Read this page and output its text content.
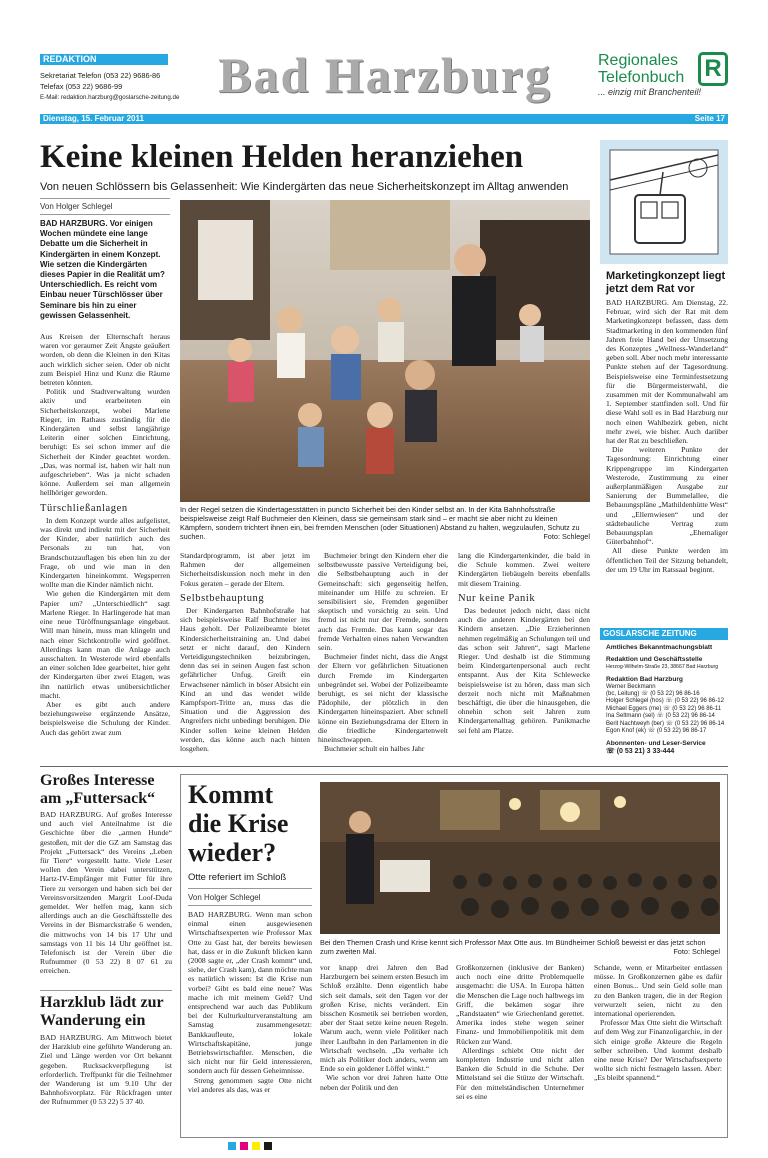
REDAKTION
Sekretariat Telefon (053 22) 9686-86
Telefax (053 22) 9686-99
E-Mail: redaktion.harzburg@goslarsche-zeitung.de Bad Harzburg	Regionales
Telefonbuch
... einzig mit Branchenteil!
R
Dienstag, 15. Februar 2011	Seite 17
Keine kleinen Helden heranziehen
Von neuen Schlössern bis Gelassenheit: Wie Kindergärten das neue Sicherheitskonzept im Alltag anwenden
Von Holger Schlegel
BAD HARZBURG. Vor einigen Wochen mündete eine lange Debatte um die Sicherheit in Kindergärten in einem Konzept. Wie setzen die Kindergärten dieses Papier in die Realität um? Unterschiedlich. Es reicht vom Einbau neuer Türschlösser über Seminare bis hin zu einer gewissen Gelassenheit.

Aus Kreisen der Elternschaft heraus waren vor geraumer Zeit Ängste geäußert worden, ob denn die Kleinen in den Kitas auch wirklich sicher seien. Oder ob nicht zum Beispiel Hinz und Kunz die Räume betreten könnten.

Politik und Stadtverwaltung wurden aktiv und erarbeiteten ein Sicherheitskonzept, wobei Marlene Rieger, im Rathaus zuständig für die Kindergärten und selbst langjährige Leiterin einer solchen Einrichtung, beruhigt: Es sei schon immer auf die Sicherheit der Kinder geachtet worden. „Das, was normal ist, haben wir halt nun aufgeschrieben“. Was ja nicht schaden könne. Außerdem sei man allgemein hellhöriger geworden.

Türschließanlagen

In dem Konzept wurde alles aufgelistet, was direkt und indirekt mit der Sicherheit der Kinder, aber natürlich auch des Personals zu tun hat, von Brandschutzauflagen bis eben hin zu der Frage, ob und wie man in den Kindergarten hineinkommt. Wegsperren wollte man die Kinder nämlich nicht.

Wie gehen die Kindergärten mit dem Papier um? „Unterschiedlich“ sagt Marlene Rieger. In Harlingerode hat man eine neue Türöffnungsanlage eingebaut. Will man hinein, muss man klingeln und nach einer Sichtkontrolle wird geöffnet. Allerdings kann man die Anlage auch ausschalten. In Westerode wird ebenfalls an einer solchen Idee gearbeitet, hier geht der Kindergarten über zwei Etagen, was ihn natürlich etwas unübersichtlicher macht.

Aber es gibt auch andere beziehungsweise ergänzende Ansätze, beispielsweise die Schulung der Kinder. Auch das gehört zwar zum

In der Regel setzen die Kindertagesstätten in puncto Sicherheit bei den Kinder selbst an. In der Kita Bahnhofsstraße beispielsweise zeigt Ralf Buchmeier den Kleinen, dass sie gemeinsam stark sind – er macht sie aber nicht zu kleinen Kämpfern, sondern trichtert ihnen ein, bei fremden Menschen (oder Situationen) Abstand zu halten, wegzulaufen, Schutz zu suchen.	Foto: Schlegel

Standardprogramm, ist aber jetzt im Rahmen der allgemeinen Sicherheitsdiskussion noch mehr in den Fokus geraten – gerade der Eltern.

Selbstbehauptung

Der Kindergarten Bahnhofstraße hat sich beispielsweise Ralf Buchmeier ins Haus geholt. Der Polizeibeamte bietet Kindersicherheitstraining an. Und dabei setzt er nicht darauf, den Kindern Verteidigungstechniken beizubringen, denn das sei in seinen Augen fast schon gefährlicher Unfug. Greift ein Erwachsener nämlich in böser Absicht ein Kind an und das wendet wilde Kampfsport-Tritte an, muss das die Situation und die Aggression des Angreifers nicht unbedingt beruhigen. Die Kinder sollen keine kleinen Helden werden, das könne auch nach hinten losgehen.

Buchmeier bringt den Kindern eher die selbstbewusste passive Verteidigung bei, die Selbstbehauptung auch in der Gemeinschaft: sich gegenseitig helfen, miteinander um Hilfe zu schreien. Er sensibilisiert sie, Fremden gegenüber skeptisch und vorsichtig zu sein. Und fremd ist nicht nur der Fremde, sondern auch das Fremde. Das kann sogar das fremde Verhalten eines nahen Verwandten sein.

Buchmeier findet nicht, dass die Angst der Eltern vor gefährlichen Situationen durch Fremde im Kindergarten unbegründet sei. Wobei der Polizeibeamte beruhigt, es sei nicht der klassische Pädophile, der plötzlich in den Kindergarten hineinspaziert. Aber schnell könne ein Beziehungsdrama der Eltern in die friedliche Kindergartenwelt hineinschwappen.

Buchmeier schult ein halbes Jahr

lang die Kindergartenkinder, die bald in die Schule kommen. Zwei weitere Kindergärten liebäugeln bereits ebenfalls mit diesem Training.

Nur keine Panik

Das bedeutet jedoch nicht, dass nicht auch die anderen Kindergärten bei den Kindern ansetzen. „Die Erzieherinnen nehmen regelmäßig an Schulungen teil und das schon seit Jahren“, sagt Marlene Rieger. Und deshalb ist die Stimmung beim Kindergartenpersonal auch recht entspannt. Aus der Kita Schleweckе beispielsweise ist zu hören, dass man sich derzeit noch nicht mit Maßnahmen beschäftigt, die über die hinausgehen, die ohnehin schon seit Jahren zum Kindergartenalltag gehören. Panikmache sei fehl am Platze.

Marketingkonzept liegt jetzt dem Rat vor

BAD HARZBURG. Am Dienstag, 22. Februar, wird sich der Rat mit dem Marketingkonzept befassen, dass dem Stadtmarketing in den kommenden fünf Jahren freie Hand bei der Umsetzung des Konzeptes „Wellness-Wanderland“ geben soll. Aber noch mehr interessante Punkte stehen auf der Tagesordnung. Beispielsweise eine Terminfestsetzung für die Bürgermeisterwahl, die zusammen mit der Kommunalwahl am 1. September stattfinden soll. Und für diese Wahl soll es in Bad Harzburg nur noch einen Wahlbezirk geben, nicht mehr zwei, wie bisher. Auch darüber hat der Rat zu beschließen.

Die weiteren Punkte der Tagesordnung: Einrichtung einer Krippengruppe im Kindergarten Westerode, Zustimmung zu einer außerplanmäßigen Ausgabe zur Sanierung der Bummelallee, die Bebauungspläne „Mathildenhütte West“ und „Ellernwiesen“ und der städtebauliche Vertrag zum Bebauungsplan „Ehemaliger Güterbahnhof“.

All diese Punkte werden im öffentlichen Teil der Sitzung behandelt, der um 19 Uhr im Ratssaal beginnt.

GOSLARSCHE ZEITUNG
Amtliches Bekanntmachungsblatt
Redaktion und Geschäftsstelle
Herzog-Wilhelm-Straße 23, 38667 Bad Harzburg
Redaktion Bad Harzburg
Werner Beckmann
(bc, Leitung) ☏ (0 53 22) 96 86-16
Holger Schlegel (hos) ☏ (0 53 22) 96 86-12
Michael Eggers (me) ☏ (0 53 22) 96 86-11
Ina Seltmann (sel) ☏ (0 53 22) 96 86-14
Berit Nachtweyh (ber) ☏ (0 53 22) 96 86-14
Egon Knof (ek) ☏ (0 53 22) 96 86-17
Abonnenten- und Leser-Service
☏ (0 53 21) 3 33-444
Großes Interesse am „Futtersack“

BAD HARZBURG. Auf großes Interesse und auch viel Anteilnahme ist die Geschichte über die „armen Hunde“ gestoßen, mit der die GZ am Samstag das Projekt „Futtersack“ des Vereins „Leben für Tiere“ vorgestellt hatte. Viele Leser wollen den Verein dabei unterstützen, Hartz-IV-Empfänger mit Futter für ihre Tiere zu versorgen und haben sich bei der Vereinsvorsitzenden Margrit Loof-Duda gemeldet. Wer helfen mag, kann sich allerdings auch an die Geschäftsstelle des Vereins in der Bismarckstraße 6 wenden, die mittwochs von 14 bis 17 Uhr und samstags von 11 bis 14 Uhr geöffnet ist. Telefonisch ist der Verein über die Rufnummer (0 53 22) 8 07 61 zu erreichen.

Harzklub lädt zur Wanderung ein

BAD HARZBURG. Am Mittwoch bietet der Harzklub eine geführte Wanderung an. Ziel und Länge werden vor Ort bekannt gegeben. Rucksackverpflegung ist erforderlich. Treffpunkt für die Teilnehmer der Wanderung ist um 9.10 Uhr der Bahnhofsvorplatz. Für Rückfragen unter der Rufnummer (0 53 22) 5 37 40.

Kommt die Krise wieder?
Otte referiert im Schloß
Von Holger Schlegel

BAD HARZBURG. Wenn man schon einmal einen ausgewiesenen Wirtschaftsexperten wie Professor Max Otte zu Gast hat, der bereits bewiesen hat, dass er in die Zukunft blicken kann (2008 sagte er, „der Crash kommt“ und, siehe, der Crash kam), dann möchte man es natürlich wissen: Ist die Krise nun vorbei? Gibt es bald eine neue? Was mache ich mit meinem Geld? Und entsprechend war auch das Publikum bei der Kulturkulturveranstaltung am Samstag zusammengesetzt: Bankkaufleute, lokale Wirtschaftskapitäne, junge Betriebswirtschaftler. Menschen, die sich nicht nur für Geld interessieren, sondern auch für dessen Geheimnisse.

Streng genommen sagte Otte nicht viel anderes als das, was er

Bei den Themen Crash und Krise kennt sich Professor Max Otte aus. Im Bündheimer Schloß beweist er das jetzt schon zum zweiten Mal.	Foto: Schlegel

vor knapp drei Jahren den Bad Harzburgern bei seinem ersten Besuch im Schloß erzählte. Denn eigentlich habe sich seit damals, seit den Tagen vor der großen Krise, nichts verändert. Ein bisschen Kosmetik sei betrieben worden, aber der Staat setze keine neuen Regeln. Warum auch, wenn viele Politiker nach ihrer Laufbahn in den Parlamenten in die Wirtschaft wechseln. „Da verhalte ich mich als Politiker doch anders, wenn am Ende so ein goldener Löffel winkt.“

Wie schon vor drei Jahren hatte Otte neben der Politik und den

Großkonzernen (inklusive der Banken) auch noch eine dritte Problemquelle ausgemacht: die USA. In Europa hätten die Menschen die Lage noch halbwegs im Griff, die bekämen sogar ihre „Randstaaten“ wie Griechenland gerettet. Amerika indes stehe wegen seiner Finanz- und Immobilienpolitik mit dem Rücken zur Wand.

Allerdings schiebt Otte nicht der kompletten Industrie und nicht allen Banken die Schuld in die Schuhe. Der Mittelstand sei die Stütze der Wirtschaft. Für den mittelständischen Unternehmer sei es eine

Schande, wenn er Mitarbeiter entlassen müsse. In Großkonzernen gäbe es dafür einen Bonus... Und sein Geld solle man zu den Banken tragen, die in der Region verwurzelt seien, nicht zu den international operierenden.

Professor Max Otte sieht die Wirtschaft auf dem Weg zur Finanzoligarchie, in der sich einige große Akteure die Regeln selber schreiben. Und kommt deshalb eine neue Krise? Der Wirtschaftsexperte wollte sich nicht festnageln lassen. Aber: „Es bleibt spannend.“
